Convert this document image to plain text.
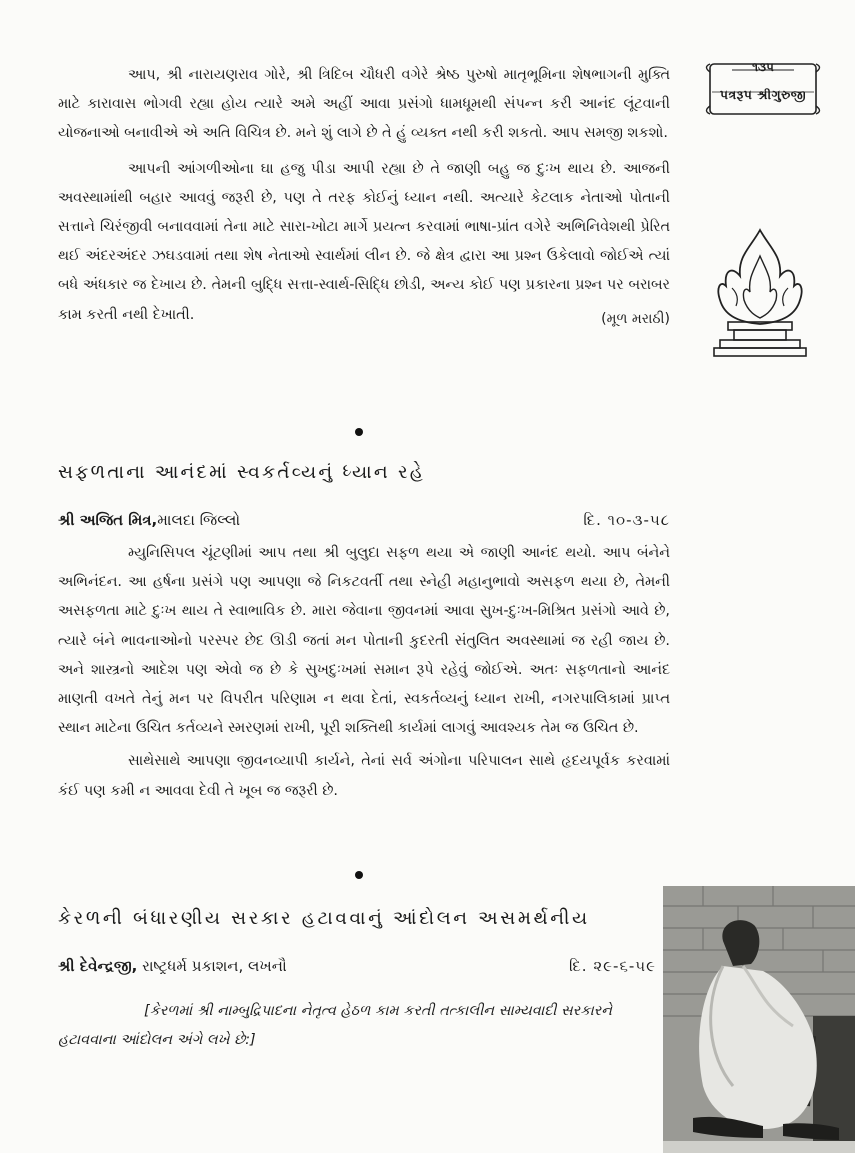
૧૩૫
પત્રરૂપ શ્રીગુરુજી

આપ, શ્રી નારાયણરાવ ગોરે, શ્રી ત્રિદિબ ચૌધરી વગેરે શ્રેષ્ઠ પુરુષો માતૃભૂમિના શેષભાગની મુક્તિ માટે કારાવાસ ભોગવી રહ્યા હોય ત્યારે અમે અહીં આવા પ્રસંગો ધામધૂમથી સંપન્ન કરી આનંદ લૂંટવાની યોજનાઓ બનાવીએ એ અતિ વિચિત્ર છે. મને શું લાગે છે તે હું વ્યક્ત નથી કરી શકતો. આપ સમજી શકશો.

આપની આંગળીઓના ઘા હજુ પીડા આપી રહ્યા છે તે જાણી બહુ જ દુઃખ થાય છે. આજની અવસ્થામાંથી બહાર આવવું જરૂરી છે, પણ તે તરફ કોઈનું ધ્યાન નથી. અત્યારે કેટલાક નેતાઓ પોતાની સત્તાને ચિરંજીવી બનાવવામાં તેના માટે સારા-ખોટા માર્ગે પ્રયત્ન કરવામાં ભાષા-પ્રાંત વગેરે અભિનિવેશથી પ્રેરિત થઈ અંદરઅંદર ઝઘડવામાં તથા શેષ નેતાઓ સ્વાર્થમાં લીન છે. જે ક્ષેત્ર દ્વારા આ પ્રશ્ન ઉકેલાવો જોઈએ ત્યાં બધે અંધકાર જ દેખાય છે. તેમની બુદ્ધિ સત્તા-સ્વાર્થ-સિદ્ધિ છોડી, અન્ય કોઈ પણ પ્રકારના પ્રશ્ન પર બરાબર કામ કરતી નથી દેખાતી.	(મૂળ મરાઠી)
સફળતાના આનંદમાં સ્વકર્તવ્યનું ધ્યાન રહે
શ્રી અજિત મિત્ર,માલદા જિલ્લો	દિ. ૧૦-૩-૫૮

મ્યુનિસિપલ ચૂંટણીમાં આપ તથા શ્રી બુલુદા સફળ થયા એ જાણી આનંદ થયો. આપ બંનેને અભિનંદન. આ હર્ષના પ્રસંગે પણ આપણા જે નિકટવર્તી તથા સ્નેહી મહાનુભાવો અસફળ થયા છે, તેમની અસફળતા માટે દુઃખ થાય તે સ્વાભાવિક છે. મારા જેવાના જીવનમાં આવા સુખ-દુઃખ-મિશ્રિત પ્રસંગો આવે છે, ત્યારે બંને ભાવનાઓનો પરસ્પર છેદ ઊડી જતાં મન પોતાની કુદરતી સંતુલિત અવસ્થામાં જ રહી જાય છે. અને શાસ્ત્રનો આદેશ પણ એવો જ છે કે સુખદુઃખમાં સમાન રૂપે રહેવું જોઈએ. અતઃ સફળતાનો આનંદ માણતી વખતે તેનું મન પર વિપરીત પરિણામ ન થવા દેતાં, સ્વકર્તવ્યનું ધ્યાન રાખી, નગરપાલિકામાં પ્રાપ્ત સ્થાન માટેના ઉચિત કર્તવ્યને સ્મરણમાં રાખી, પૂરી શક્તિથી કાર્યમાં લાગવું આવશ્યક તેમ જ ઉચિત છે.

સાથેસાથે આપણા જીવનવ્યાપી કાર્યને, તેનાં સર્વ અંગોના પરિપાલન સાથે હૃદયપૂર્વક કરવામાં કંઈ પણ કમી ન આવવા દેવી તે ખૂબ જ જરૂરી છે.

કેરળની બંધારણીય સરકાર હટાવવાનું આંદોલન અસમર્થનીય
શ્રી દેવેન્દ્રજી, રાષ્ટ્રધર્મ પ્રકાશન, લખનૌ	દિ. ૨૯-૬-૫૯

[કેરળમાં શ્રી નામ્બુદ્રિપાદના નેતૃત્વ હેઠળ કામ કરતી તત્કાલીન સામ્યવાદી સરકારને હટાવવાના આંદોલન અંગે લખે છે:]
